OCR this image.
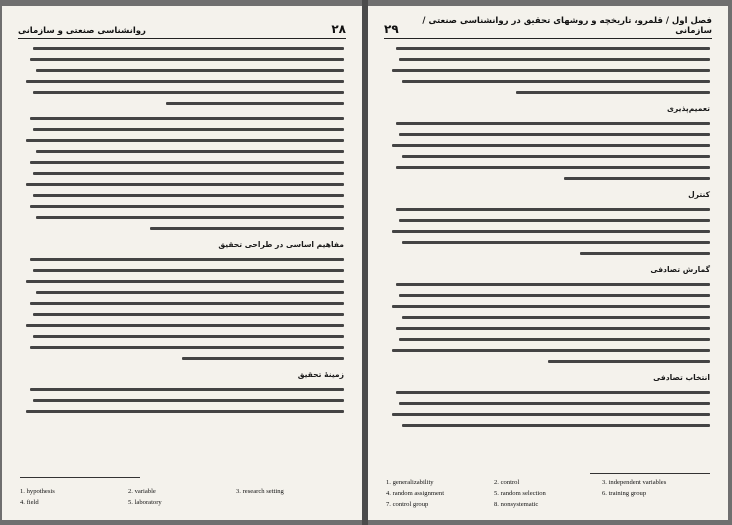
روانشناسی صنعتی و سازمانی	۲۸
مفاهیم اساسی در طراحی تحقیق
زمینهٔ تحقیق
1. hypothesis	2. variable	3. research setting
4. field	5. laboratory
۲۹
فصل اول / قلمرو، تاریخچه و روشهای تحقیق در روانشناسی صنعتی / سازمانی
تعمیم‌پذیری
کنترل
گمارش تصادفی
انتخاب تصادفی
1. generalizability	2. control	3. independent variables
4. random assignment	5. random selection	6. training group
7. control group	8. nonsystematic
